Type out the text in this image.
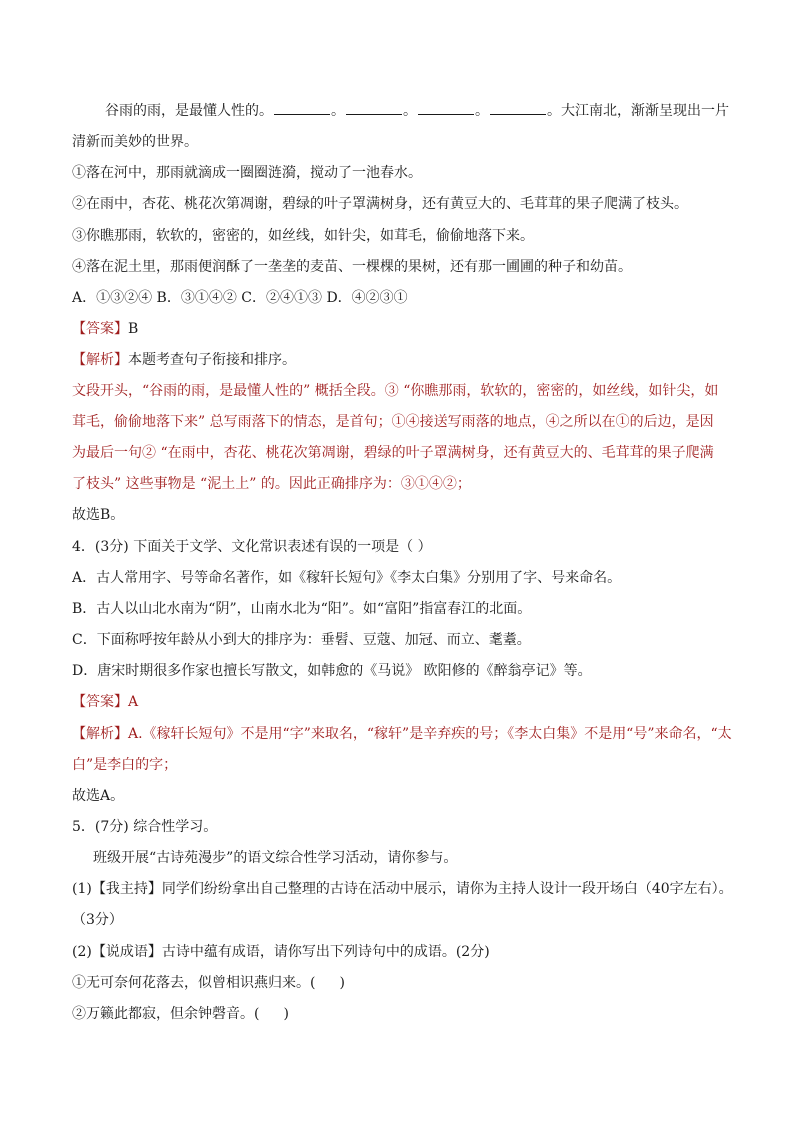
谷雨的雨，是最懂人性的。	。	。	。	。大江南北，渐渐呈现出一片
清新而美妙的世界。
①落在河中，那雨就滴成一圈圈涟漪，搅动了一池春水。
②在雨中，杏花、桃花次第凋谢，碧绿的叶子罩满树身，还有黄豆大的、毛茸茸的果子爬满了枝头。
③你瞧那雨，软软的，密密的，如丝线，如针尖，如茸毛，偷偷地落下来。
④落在泥土里，那雨便润酥了一垄垄的麦苗、一棵棵的果树，还有那一圃圃的种子和幼苗。
A．①③②④ B．③①④② C．②④①③ D．④②③①
【答案】B
【解析】本题考查句子衔接和排序。
文段开头，“谷雨的雨，是最懂人性的” 概括全段。③ “你瞧那雨，软软的，密密的，如丝线，如针尖，如
茸毛，偷偷地落下来” 总写雨落下的情态，是首句；①④接送写雨落的地点，④之所以在①的后边，是因
为最后一句② “在雨中，杏花、桃花次第凋谢，碧绿的叶子罩满树身，还有黄豆大的、毛茸茸的果子爬满
了枝头” 这些事物是 “泥土上” 的。因此正确排序为：③①④②；
故选B。
4．(3分) 下面关于文学、文化常识表述有误的一项是（ ）
A．古人常用字、号等命名著作，如《稼轩长短句》《李太白集》分别用了字、号来命名。
B．古人以山北水南为“阴”，山南水北为“阳”。如“富阳”指富春江的北面。
C．下面称呼按年龄从小到大的排序为：垂髫、豆蔻、加冠、而立、耄耋。
D．唐宋时期很多作家也擅长写散文，如韩愈的《马说》 欧阳修的《醉翁亭记》等。
【答案】A
【解析】A.《稼轩长短句》不是用“字”来取名，“稼轩”是辛弃疾的号；《李太白集》不是用“号”来命名，“太
白”是李白的字；
故选A。
5．(7分) 综合性学习。
班级开展“古诗苑漫步”的语文综合性学习活动，请你参与。
(1)【我主持】同学们纷纷拿出自己整理的古诗在活动中展示，请你为主持人设计一段开场白（40字左右）。
（3分）
(2)【说成语】古诗中蕴有成语，请你写出下列诗句中的成语。(2分)
①无可奈何花落去，似曾相识燕归来。( )
②万籁此都寂，但余钟磬音。( )
